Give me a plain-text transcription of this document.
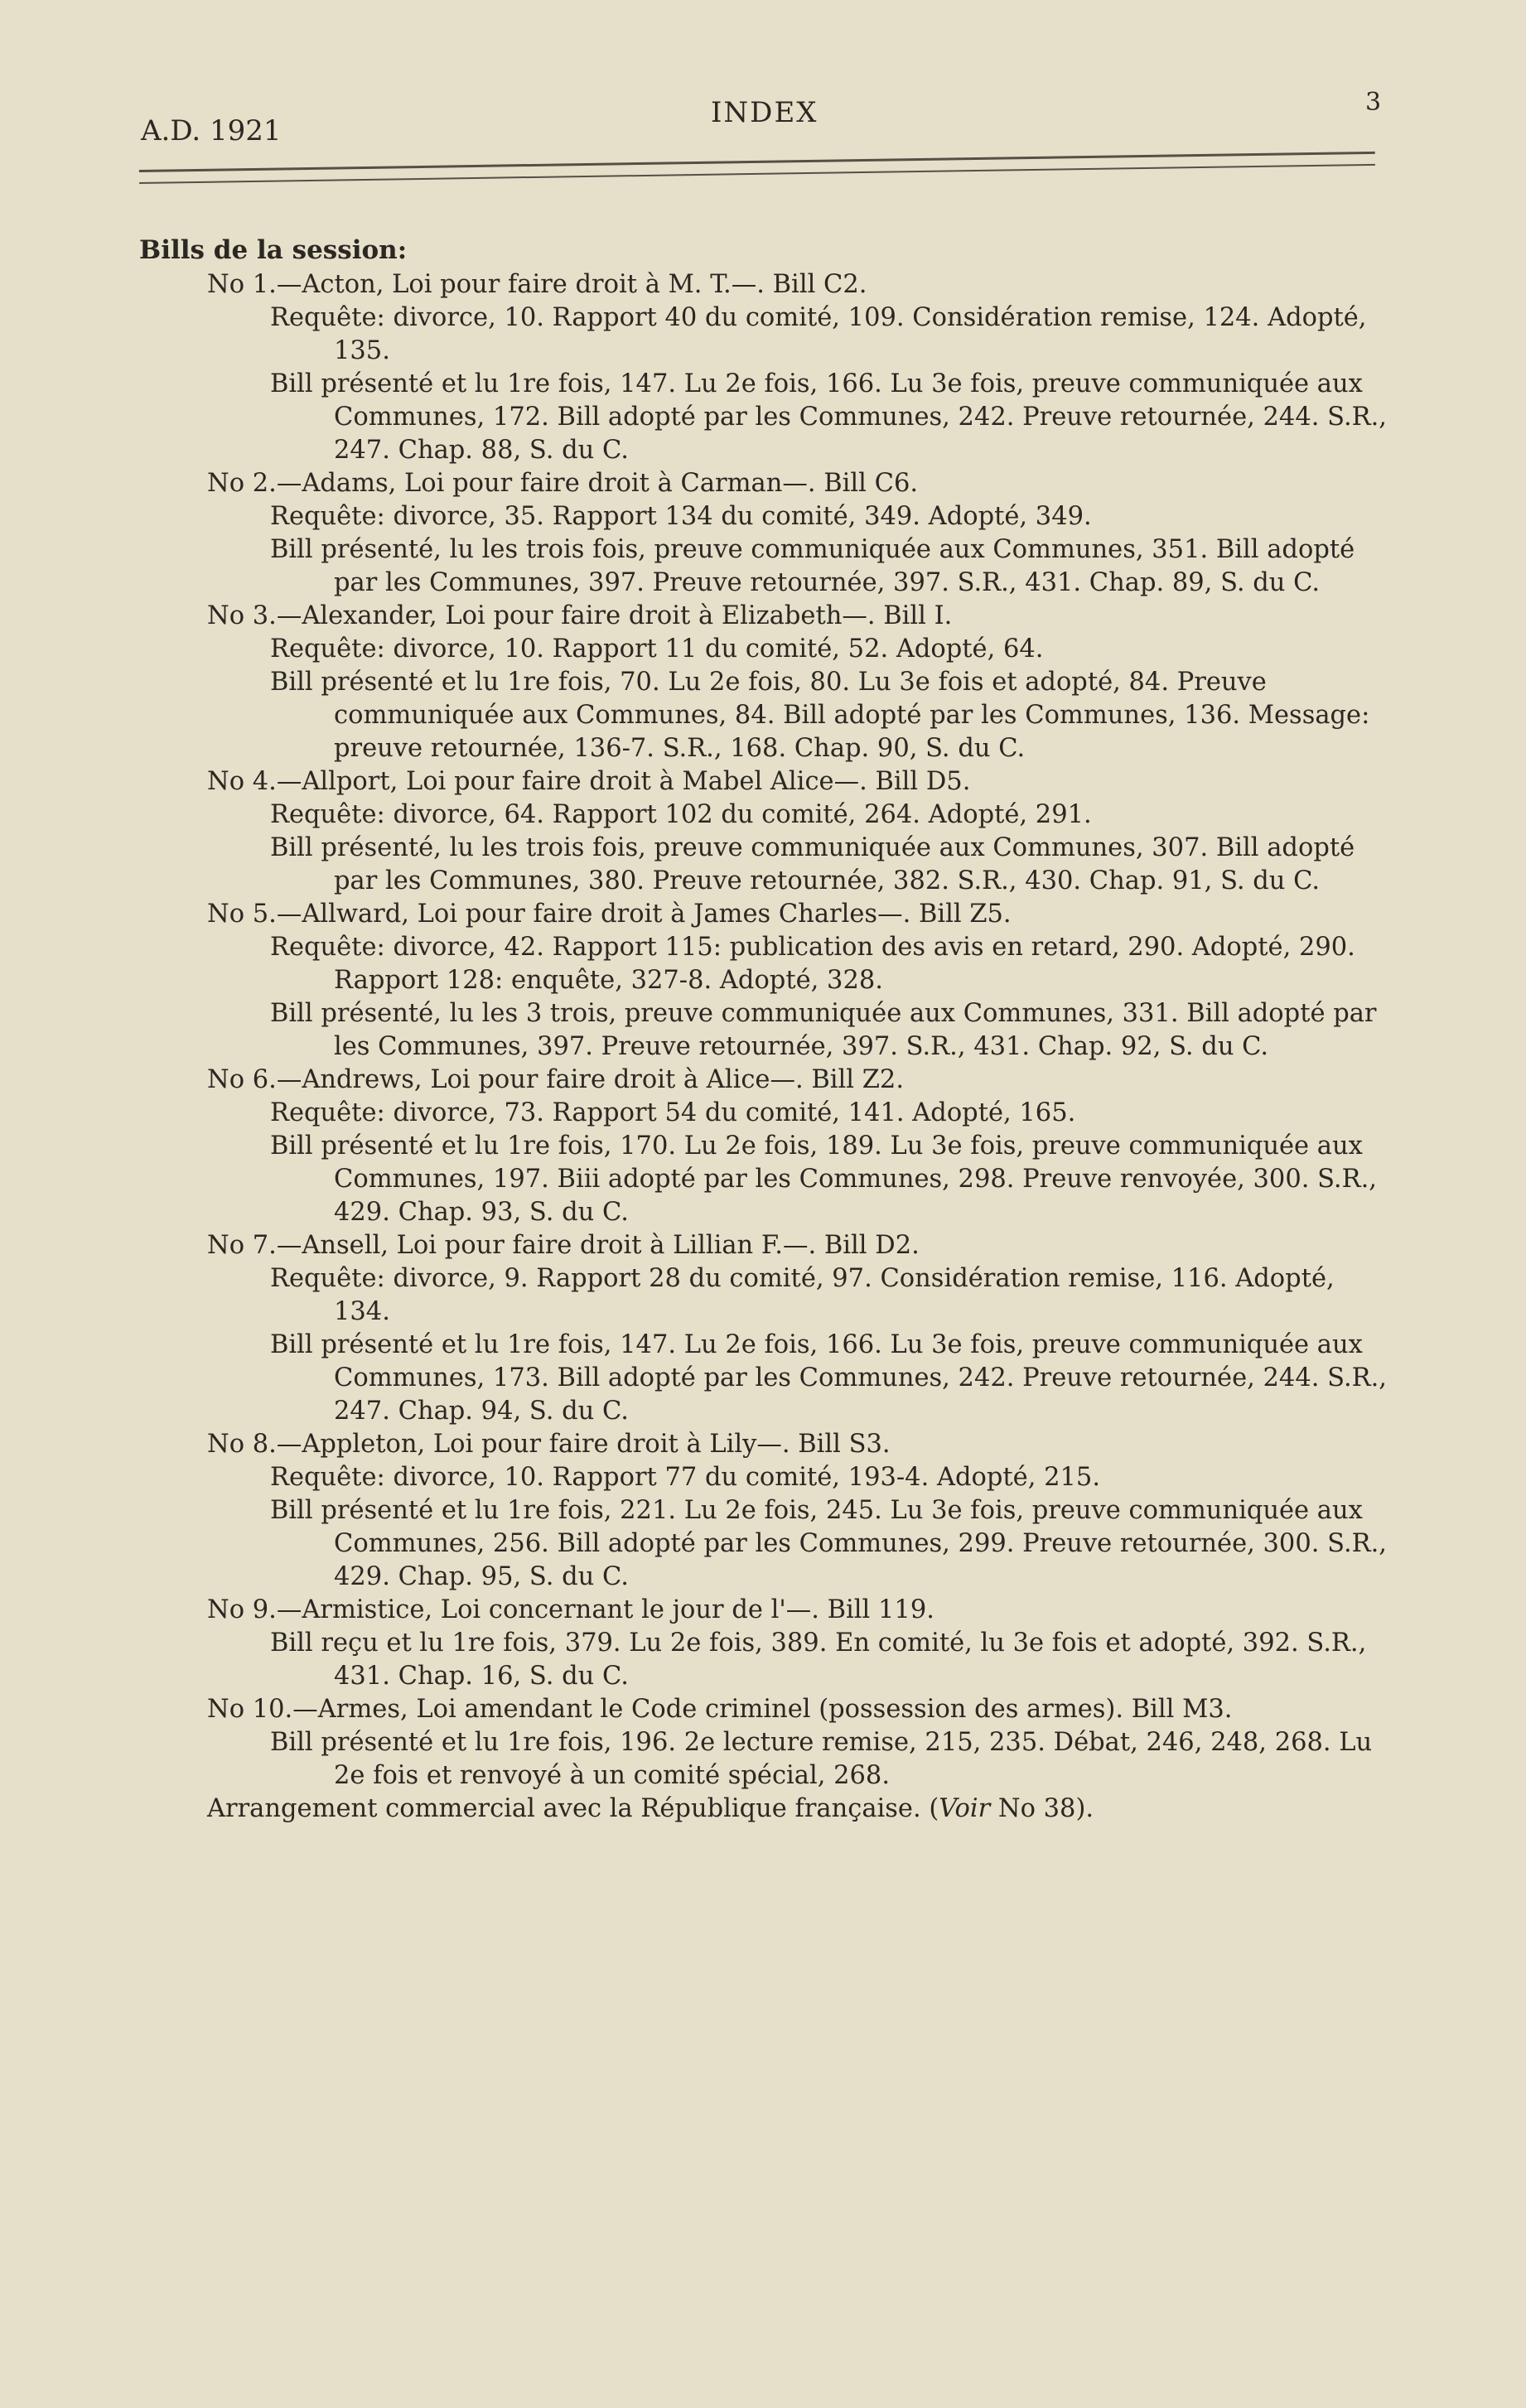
A.D. 1921
INDEX	3
Bills de la session:
No 1.—Acton, Loi pour faire droit à M. T.—. Bill C2.
Requête: divorce, 10. Rapport 40 du comité, 109. Considération remise, 124. Adopté, 135.
Bill présenté et lu 1re fois, 147. Lu 2e fois, 166. Lu 3e fois, preuve communiquée aux Communes, 172. Bill adopté par les Communes, 242. Preuve retournée, 244. S.R., 247. Chap. 88, S. du C.
No 2.—Adams, Loi pour faire droit à Carman—. Bill C6.
Requête: divorce, 35. Rapport 134 du comité, 349. Adopté, 349.
Bill présenté, lu les trois fois, preuve communiquée aux Communes, 351. Bill adopté par les Communes, 397. Preuve retournée, 397. S.R., 431. Chap. 89, S. du C.
No 3.—Alexander, Loi pour faire droit à Elizabeth—. Bill I.
Requête: divorce, 10. Rapport 11 du comité, 52. Adopté, 64.
Bill présenté et lu 1re fois, 70. Lu 2e fois, 80. Lu 3e fois et adopté, 84. Preuve communiquée aux Communes, 84. Bill adopté par les Communes, 136. Message: preuve retournée, 136-7. S.R., 168. Chap. 90, S. du C.
No 4.—Allport, Loi pour faire droit à Mabel Alice—. Bill D5.
Requête: divorce, 64. Rapport 102 du comité, 264. Adopté, 291.
Bill présenté, lu les trois fois, preuve communiquée aux Communes, 307. Bill adopté par les Communes, 380. Preuve retournée, 382. S.R., 430. Chap. 91, S. du C.
No 5.—Allward, Loi pour faire droit à James Charles—. Bill Z5.
Requête: divorce, 42. Rapport 115: publication des avis en retard, 290. Adopté, 290. Rapport 128: enquête, 327-8. Adopté, 328.
Bill présenté, lu les 3 trois, preuve communiquée aux Communes, 331. Bill adopté par les Communes, 397. Preuve retournée, 397. S.R., 431. Chap. 92, S. du C.
No 6.—Andrews, Loi pour faire droit à Alice—. Bill Z2.
Requête: divorce, 73. Rapport 54 du comité, 141. Adopté, 165.
Bill présenté et lu 1re fois, 170. Lu 2e fois, 189. Lu 3e fois, preuve communiquée aux Communes, 197. Biii adopté par les Communes, 298. Preuve renvoyée, 300. S.R., 429. Chap. 93, S. du C.
No 7.—Ansell, Loi pour faire droit à Lillian F.—. Bill D2.
Requête: divorce, 9. Rapport 28 du comité, 97. Considération remise, 116. Adopté, 134.
Bill présenté et lu 1re fois, 147. Lu 2e fois, 166. Lu 3e fois, preuve communiquée aux Communes, 173. Bill adopté par les Communes, 242. Preuve retournée, 244. S.R., 247. Chap. 94, S. du C.
No 8.—Appleton, Loi pour faire droit à Lily—. Bill S3.
Requête: divorce, 10. Rapport 77 du comité, 193-4. Adopté, 215.
Bill présenté et lu 1re fois, 221. Lu 2e fois, 245. Lu 3e fois, preuve communiquée aux Communes, 256. Bill adopté par les Communes, 299. Preuve retournée, 300. S.R., 429. Chap. 95, S. du C.
No 9.—Armistice, Loi concernant le jour de l'—. Bill 119.
Bill reçu et lu 1re fois, 379. Lu 2e fois, 389. En comité, lu 3e fois et adopté, 392. S.R., 431. Chap. 16, S. du C.
No 10.—Armes, Loi amendant le Code criminel (possession des armes). Bill M3.
Bill présenté et lu 1re fois, 196. 2e lecture remise, 215, 235. Débat, 246, 248, 268. Lu 2e fois et renvoyé à un comité spécial, 268.
Arrangement commercial avec la République française. (Voir No 38).
